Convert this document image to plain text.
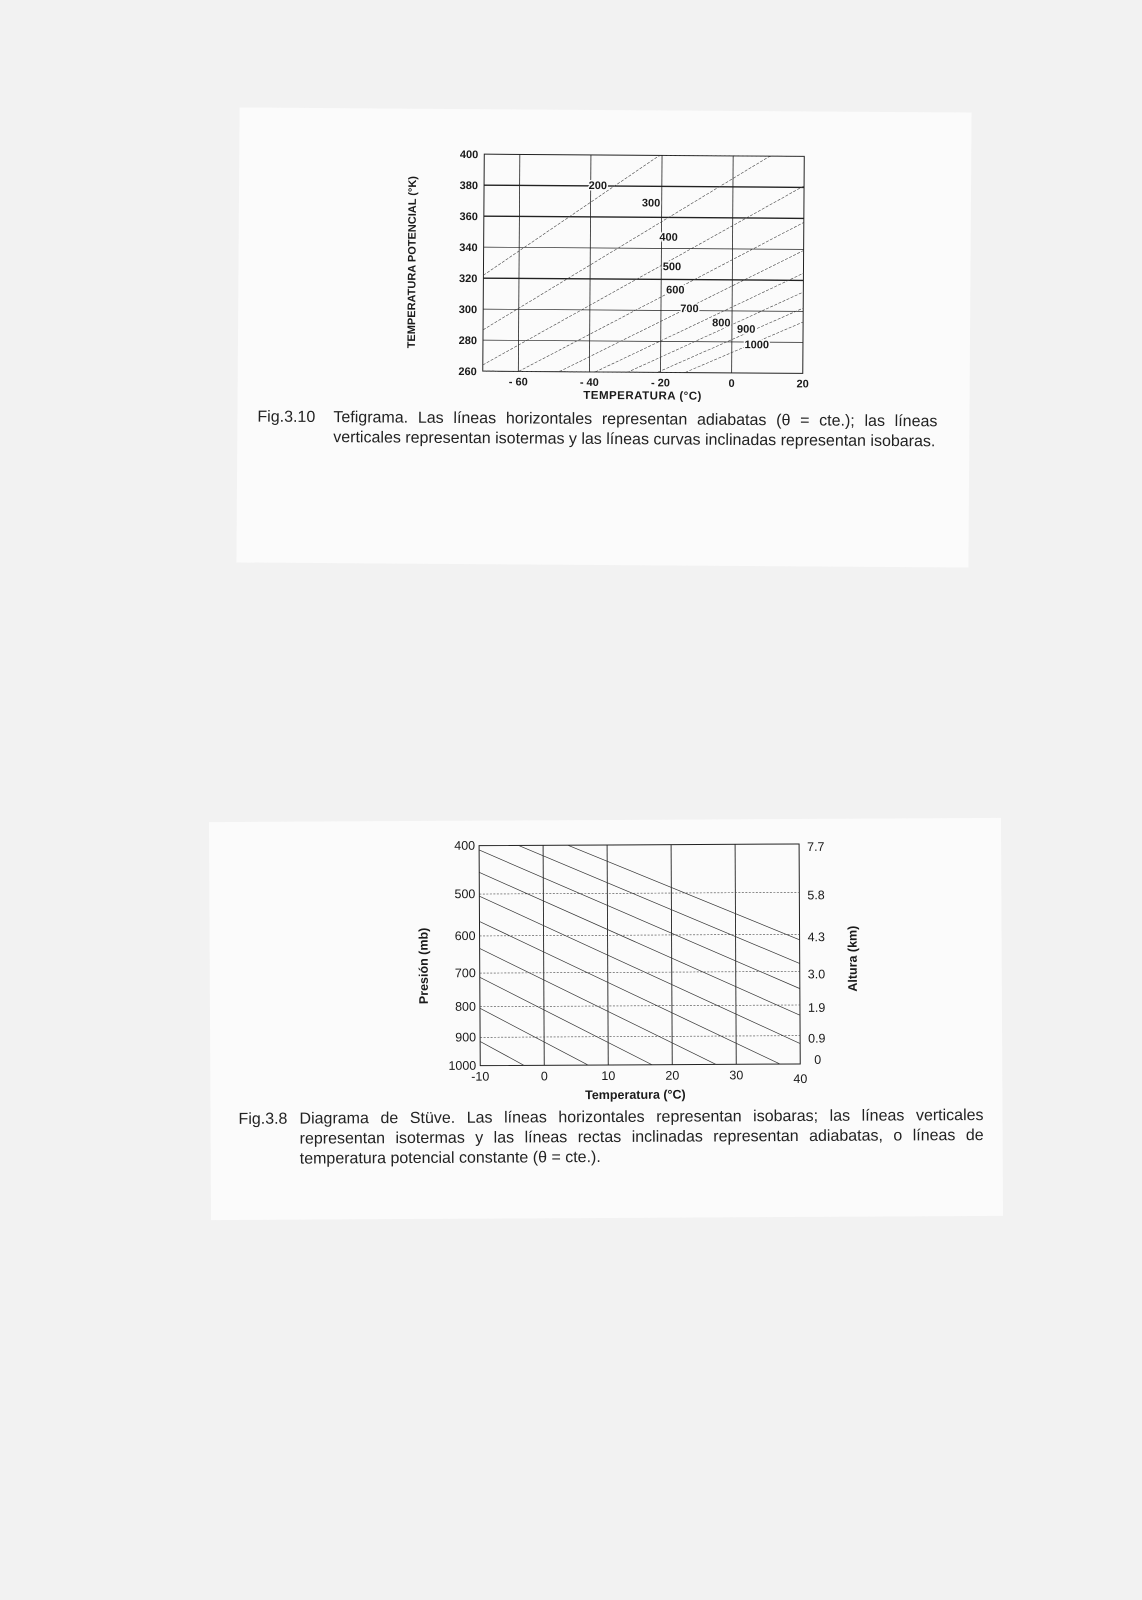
200
300
400
500
600
700
800
900
1000
260
280
300
320
340
360
380
400
- 60	- 40	- 20	0	20
TEMPERATURA (°C)
TEMPERATURA POTENCIAL (°K)
Fig.3.10 Tefigrama. Las líneas horizontales representan adiabatas (θ = cte.); las líneas verticales representan isotermas y las líneas curvas inclinadas representan isobaras.
400	7.7
500	5.8
600	4.3
700	3.0
800	1.9
900	0.9
1000	0
-10	0	10	20	30	40
Temperatura (°C)
Presión (mb)	Altura (km)
Fig.3.8 Diagrama de Stüve. Las líneas horizontales representan isobaras; las líneas verticales representan isotermas y las líneas rectas inclinadas representan adiabatas, o líneas de temperatura potencial constante (θ = cte.).
